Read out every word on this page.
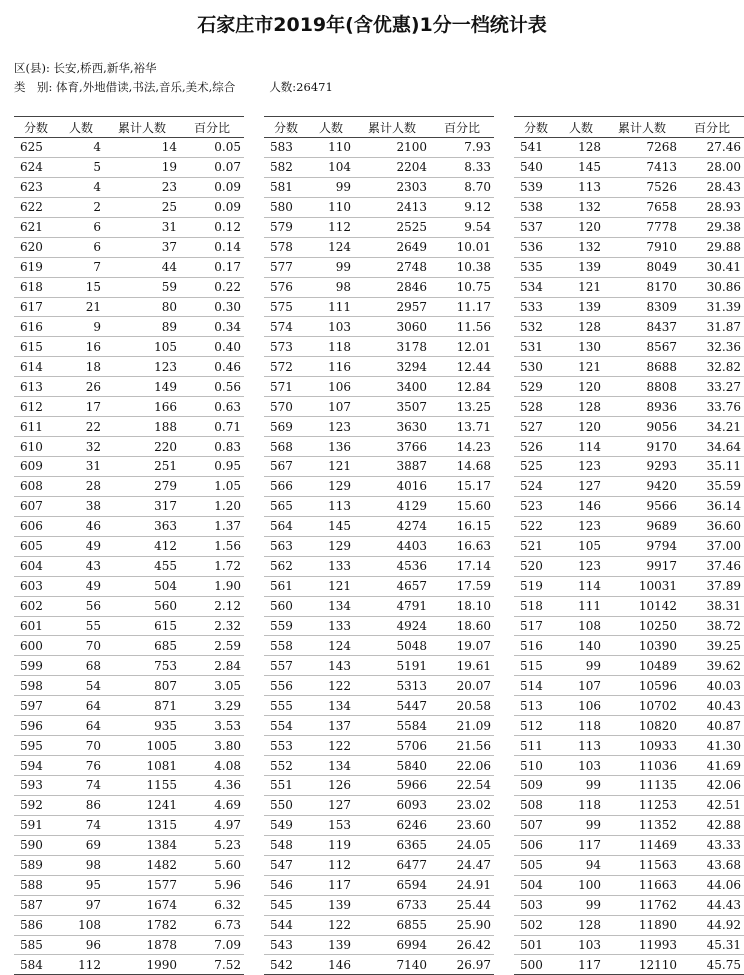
石家庄市2019年(含优惠)1分一档统计表
区(县): 长安,桥西,新华,裕华
类　别: 体育,外地借读,书法,音乐,美术,综合	人数:26471
分数	人数	累计人数	百分比
625	4	14	0.05
624	5	19	0.07
623	4	23	0.09
622	2	25	0.09
621	6	31	0.12
620	6	37	0.14
619	7	44	0.17
618	15	59	0.22
617	21	80	0.30
616	9	89	0.34
615	16	105	0.40
614	18	123	0.46
613	26	149	0.56
612	17	166	0.63
611	22	188	0.71
610	32	220	0.83
609	31	251	0.95
608	28	279	1.05
607	38	317	1.20
606	46	363	1.37
605	49	412	1.56
604	43	455	1.72
603	49	504	1.90
602	56	560	2.12
601	55	615	2.32
600	70	685	2.59
599	68	753	2.84
598	54	807	3.05
597	64	871	3.29
596	64	935	3.53
595	70	1005	3.80
594	76	1081	4.08
593	74	1155	4.36
592	86	1241	4.69
591	74	1315	4.97
590	69	1384	5.23
589	98	1482	5.60
588	95	1577	5.96
587	97	1674	6.32
586	108	1782	6.73
585	96	1878	7.09
584	112	1990	7.52
分数	人数	累计人数	百分比
583	110	2100	7.93
582	104	2204	8.33
581	99	2303	8.70
580	110	2413	9.12
579	112	2525	9.54
578	124	2649	10.01
577	99	2748	10.38
576	98	2846	10.75
575	111	2957	11.17
574	103	3060	11.56
573	118	3178	12.01
572	116	3294	12.44
571	106	3400	12.84
570	107	3507	13.25
569	123	3630	13.71
568	136	3766	14.23
567	121	3887	14.68
566	129	4016	15.17
565	113	4129	15.60
564	145	4274	16.15
563	129	4403	16.63
562	133	4536	17.14
561	121	4657	17.59
560	134	4791	18.10
559	133	4924	18.60
558	124	5048	19.07
557	143	5191	19.61
556	122	5313	20.07
555	134	5447	20.58
554	137	5584	21.09
553	122	5706	21.56
552	134	5840	22.06
551	126	5966	22.54
550	127	6093	23.02
549	153	6246	23.60
548	119	6365	24.05
547	112	6477	24.47
546	117	6594	24.91
545	139	6733	25.44
544	122	6855	25.90
543	139	6994	26.42
542	146	7140	26.97
分数	人数	累计人数	百分比
541	128	7268	27.46
540	145	7413	28.00
539	113	7526	28.43
538	132	7658	28.93
537	120	7778	29.38
536	132	7910	29.88
535	139	8049	30.41
534	121	8170	30.86
533	139	8309	31.39
532	128	8437	31.87
531	130	8567	32.36
530	121	8688	32.82
529	120	8808	33.27
528	128	8936	33.76
527	120	9056	34.21
526	114	9170	34.64
525	123	9293	35.11
524	127	9420	35.59
523	146	9566	36.14
522	123	9689	36.60
521	105	9794	37.00
520	123	9917	37.46
519	114	10031	37.89
518	111	10142	38.31
517	108	10250	38.72
516	140	10390	39.25
515	99	10489	39.62
514	107	10596	40.03
513	106	10702	40.43
512	118	10820	40.87
511	113	10933	41.30
510	103	11036	41.69
509	99	11135	42.06
508	118	11253	42.51
507	99	11352	42.88
506	117	11469	43.33
505	94	11563	43.68
504	100	11663	44.06
503	99	11762	44.43
502	128	11890	44.92
501	103	11993	45.31
500	117	12110	45.75
